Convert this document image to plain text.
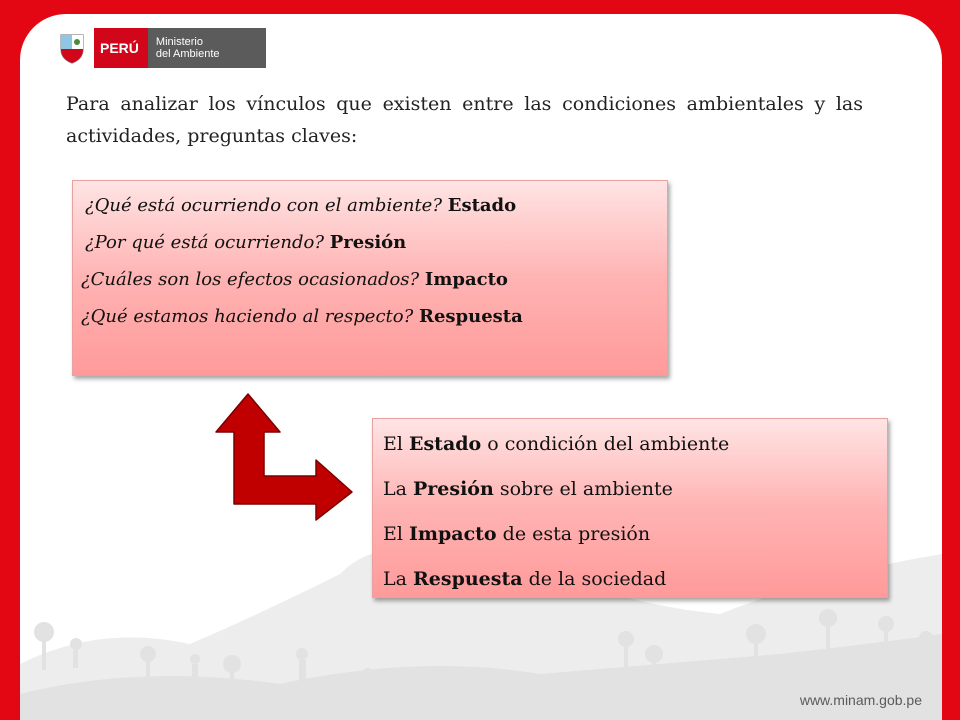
PERÚ	Ministerio
del Ambiente

Para analizar los vínculos que existen entre las condiciones ambientales y las actividades, preguntas claves:

¿Qué está ocurriendo con el ambiente? Estado
¿Por qué está ocurriendo? Presión
¿Cuáles son los efectos ocasionados? Impacto
¿Qué estamos haciendo al respecto? Respuesta
El Estado o condición del ambiente
La Presión sobre el ambiente
El Impacto de esta presión
La Respuesta de la sociedad
www.minam.gob.pe
